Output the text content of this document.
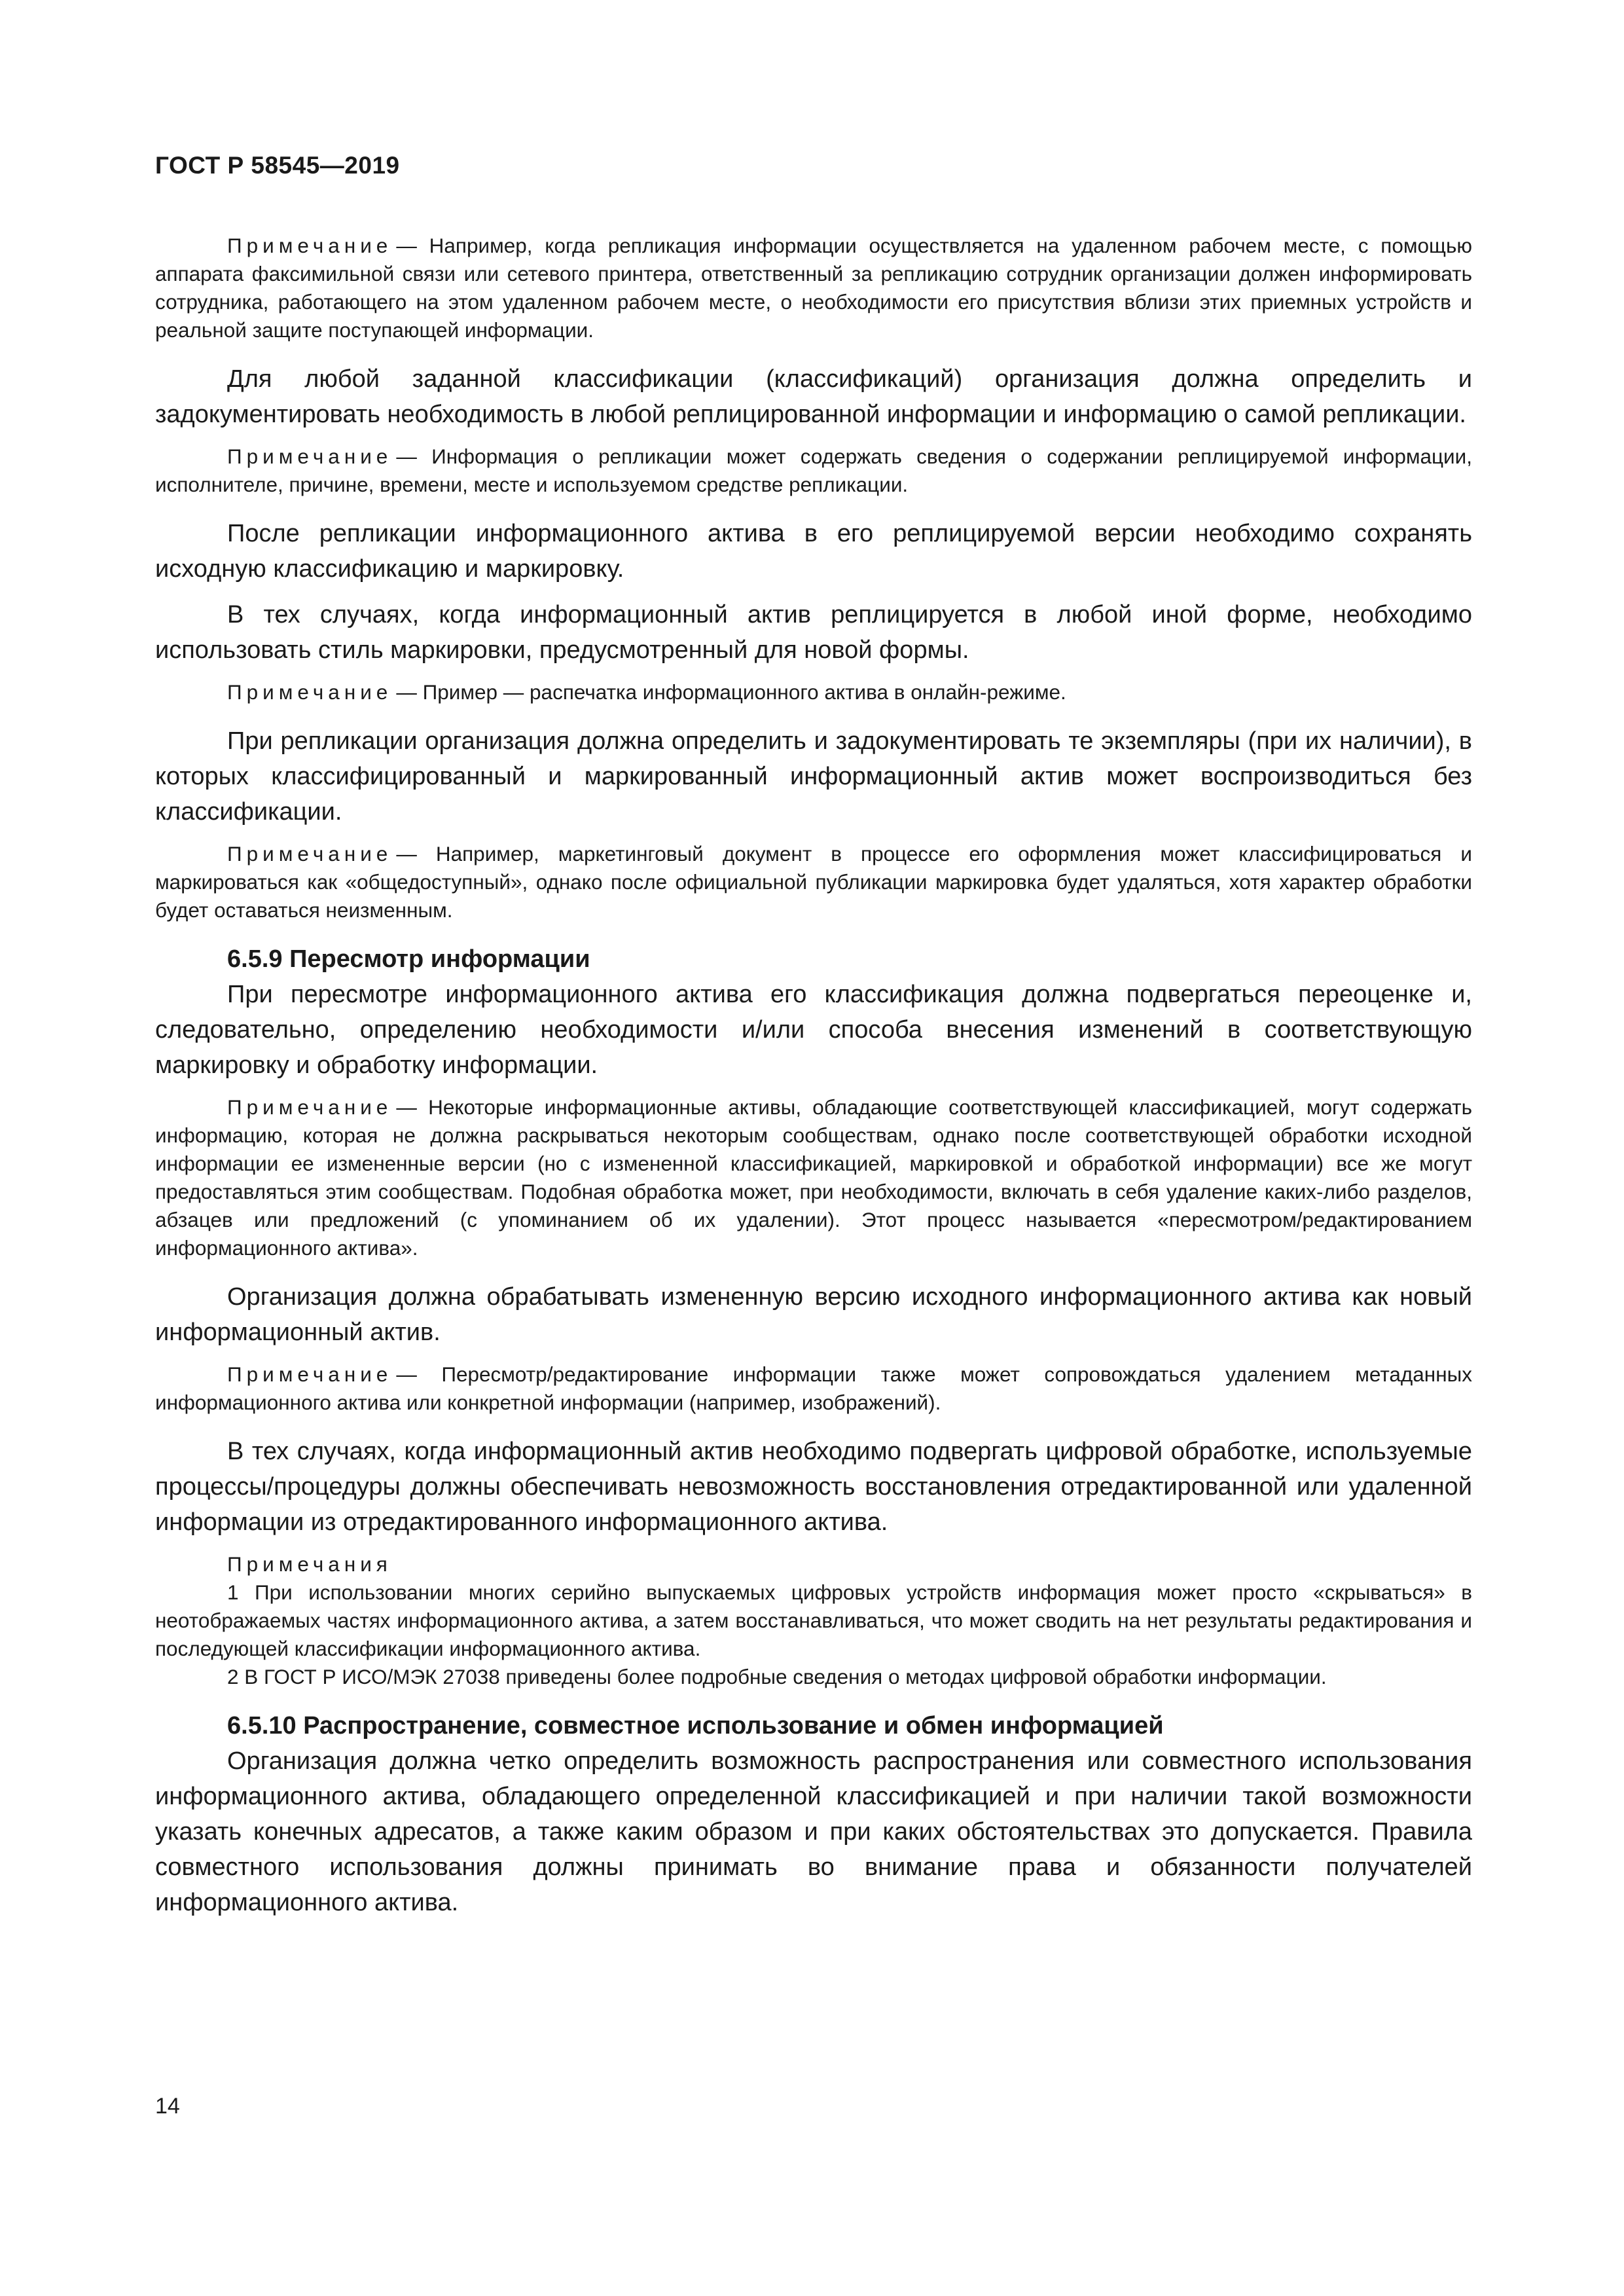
ГОСТ Р 58545—2019
Примечание — Например, когда репликация информации осуществляется на удаленном рабочем месте, с помощью аппарата факсимильной связи или сетевого принтера, ответственный за репликацию сотрудник организации должен информировать сотрудника, работающего на этом удаленном рабочем месте, о необходимости его присутствия вблизи этих приемных устройств и реальной защите поступающей информации.
Для любой заданной классификации (классификаций) организация должна определить и задокументировать необходимость в любой реплицированной информации и информацию о самой репликации.
Примечание — Информация о репликации может содержать сведения о содержании реплицируемой информации, исполнителе, причине, времени, месте и используемом средстве репликации.
После репликации информационного актива в его реплицируемой версии необходимо сохранять исходную классификацию и маркировку.
В тех случаях, когда информационный актив реплицируется в любой иной форме, необходимо использовать стиль маркировки, предусмотренный для новой формы.
Примечание — Пример — распечатка информационного актива в онлайн-режиме.
При репликации организация должна определить и задокументировать те экземпляры (при их наличии), в которых классифицированный и маркированный информационный актив может воспроизводиться без классификации.
Примечание — Например, маркетинговый документ в процессе его оформления может классифицироваться и маркироваться как «общедоступный», однако после официальной публикации маркировка будет удаляться, хотя характер обработки будет оставаться неизменным.
6.5.9 Пересмотр информации
При пересмотре информационного актива его классификация должна подвергаться переоценке и, следовательно, определению необходимости и/или способа внесения изменений в соответствующую маркировку и обработку информации.
Примечание — Некоторые информационные активы, обладающие соответствующей классификацией, могут содержать информацию, которая не должна раскрываться некоторым сообществам, однако после соответствующей обработки исходной информации ее измененные версии (но с измененной классификацией, маркировкой и обработкой информации) все же могут предоставляться этим сообществам. Подобная обработка может, при необходимости, включать в себя удаление каких-либо разделов, абзацев или предложений (с упоминанием об их удалении). Этот процесс называется «пересмотром/редактированием информационного актива».
Организация должна обрабатывать измененную версию исходного информационного актива как новый информационный актив.
Примечание — Пересмотр/редактирование информации также может сопровождаться удалением метаданных информационного актива или конкретной информации (например, изображений).
В тех случаях, когда информационный актив необходимо подвергать цифровой обработке, используемые процессы/процедуры должны обеспечивать невозможность восстановления отредактированной или удаленной информации из отредактированного информационного актива.
Примечания
1 При использовании многих серийно выпускаемых цифровых устройств информация может просто «скрываться» в неотображаемых частях информационного актива, а затем восстанавливаться, что может сводить на нет результаты редактирования и последующей классификации информационного актива.
2 В ГОСТ Р ИСО/МЭК 27038 приведены более подробные сведения о методах цифровой обработки информации.
6.5.10 Распространение, совместное использование и обмен информацией
Организация должна четко определить возможность распространения или совместного использования информационного актива, обладающего определенной классификацией и при наличии такой возможности указать конечных адресатов, а также каким образом и при каких обстоятельствах это допускается. Правила совместного использования должны принимать во внимание права и обязанности получателей информационного актива.
14
